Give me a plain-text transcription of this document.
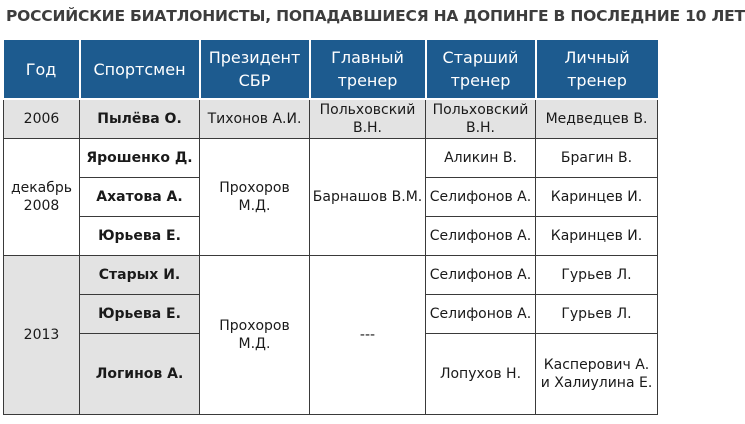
РОССИЙСКИЕ БИАТЛОНИСТЫ, ПОПАДАВШИЕСЯ НА ДОПИНГЕ В ПОСЛЕДНИЕ 10 ЛЕТ
Год	Спортсмен	Президент СБР	Главный тренер	Старший тренер	Личный тренер
2006	Пылёва О.	Тихонов А.И.	Польховский В.Н.	Польховский В.Н.	Медведцев В.
декабрь 2008	Ярошенко Д.	Прохоров М.Д.	Барнашов В.М.	Аликин В.	Брагин В.
	Ахатова А.			Селифонов А.	Каринцев И.
	Юрьева Е.			Селифонов А.	Каринцев И.
2013	Старых И.	Прохоров М.Д.	---	Селифонов А.	Гурьев Л.
	Юрьева Е.			Селифонов А.	Гурьев Л.
	Логинов А.			Лопухов Н.	Касперович А. и Халиулина Е.
